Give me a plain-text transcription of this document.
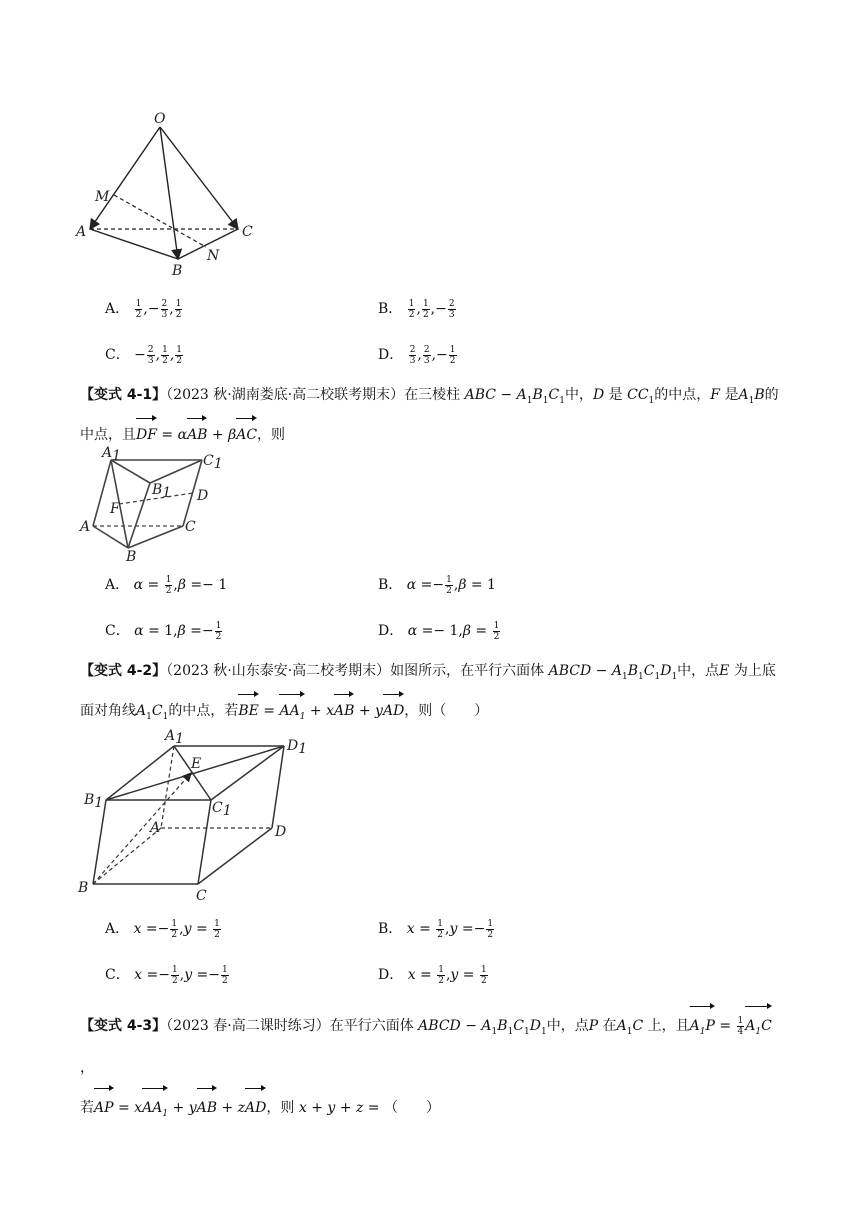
O
M
A	C
N
B
A． $\frac{1}{2}$ ,− $\frac{2}{3}$ , $\frac{1}{2}$	B． $\frac{1}{2}$ , $\frac{1}{2}$ ,− $\frac{2}{3}$
C． − $\frac{2}{3}$ , $\frac{1}{2}$ , $\frac{1}{2}$	D． $\frac{2}{3}$ , $\frac{2}{3}$ ,− $\frac{1}{2}$
【变式 4-1】（2023 秋·湖南娄底·高二校联考期末）在三棱柱 ABC − $A_1B_1C_1$中，D 是 $CC_1$的中点，F 是$A_1B$的中点，且DF = αAB + βAC，则
A1	C1
B1 D
F
A	C
B
A． $\alpha = \frac{1}{2} ,\beta =- 1$	B． $\alpha =- \frac{1}{2} ,\beta = 1$
C． $\alpha = 1,\beta =- \frac{1}{2}$	D． $\alpha =- 1,\beta = \frac{1}{2}$
【变式 4-2】（2023 秋·山东泰安·高二校考期末）如图所示，在平行六面体 ABCD − $A_1B_1C_1D_1$中，点E 为上底面对角线$A_1C_1$的中点，若BE = $AA_1$ + xAB + yAD，则（　　）
A1	D1
E
B1	C1
A	D
B	C
A． $x =- \frac{1}{2} ,y = \frac{1}{2}$	B． $x = \frac{1}{2} ,y =- \frac{1}{2}$
C． $x =- \frac{1}{2} ,y =- \frac{1}{2}$	D． $x = \frac{1}{2} ,y = \frac{1}{2}$
【变式 4-3】（2023 春·高二课时练习）在平行六面体 ABCD − $A_1B_1C_1D_1$中，点P 在$A_1C$ 上，且$A_1P = \frac{1}{4} A_1C$，
若AP = xAA$_1$ + yAB + zAD，则 x + y + z = （　　）
